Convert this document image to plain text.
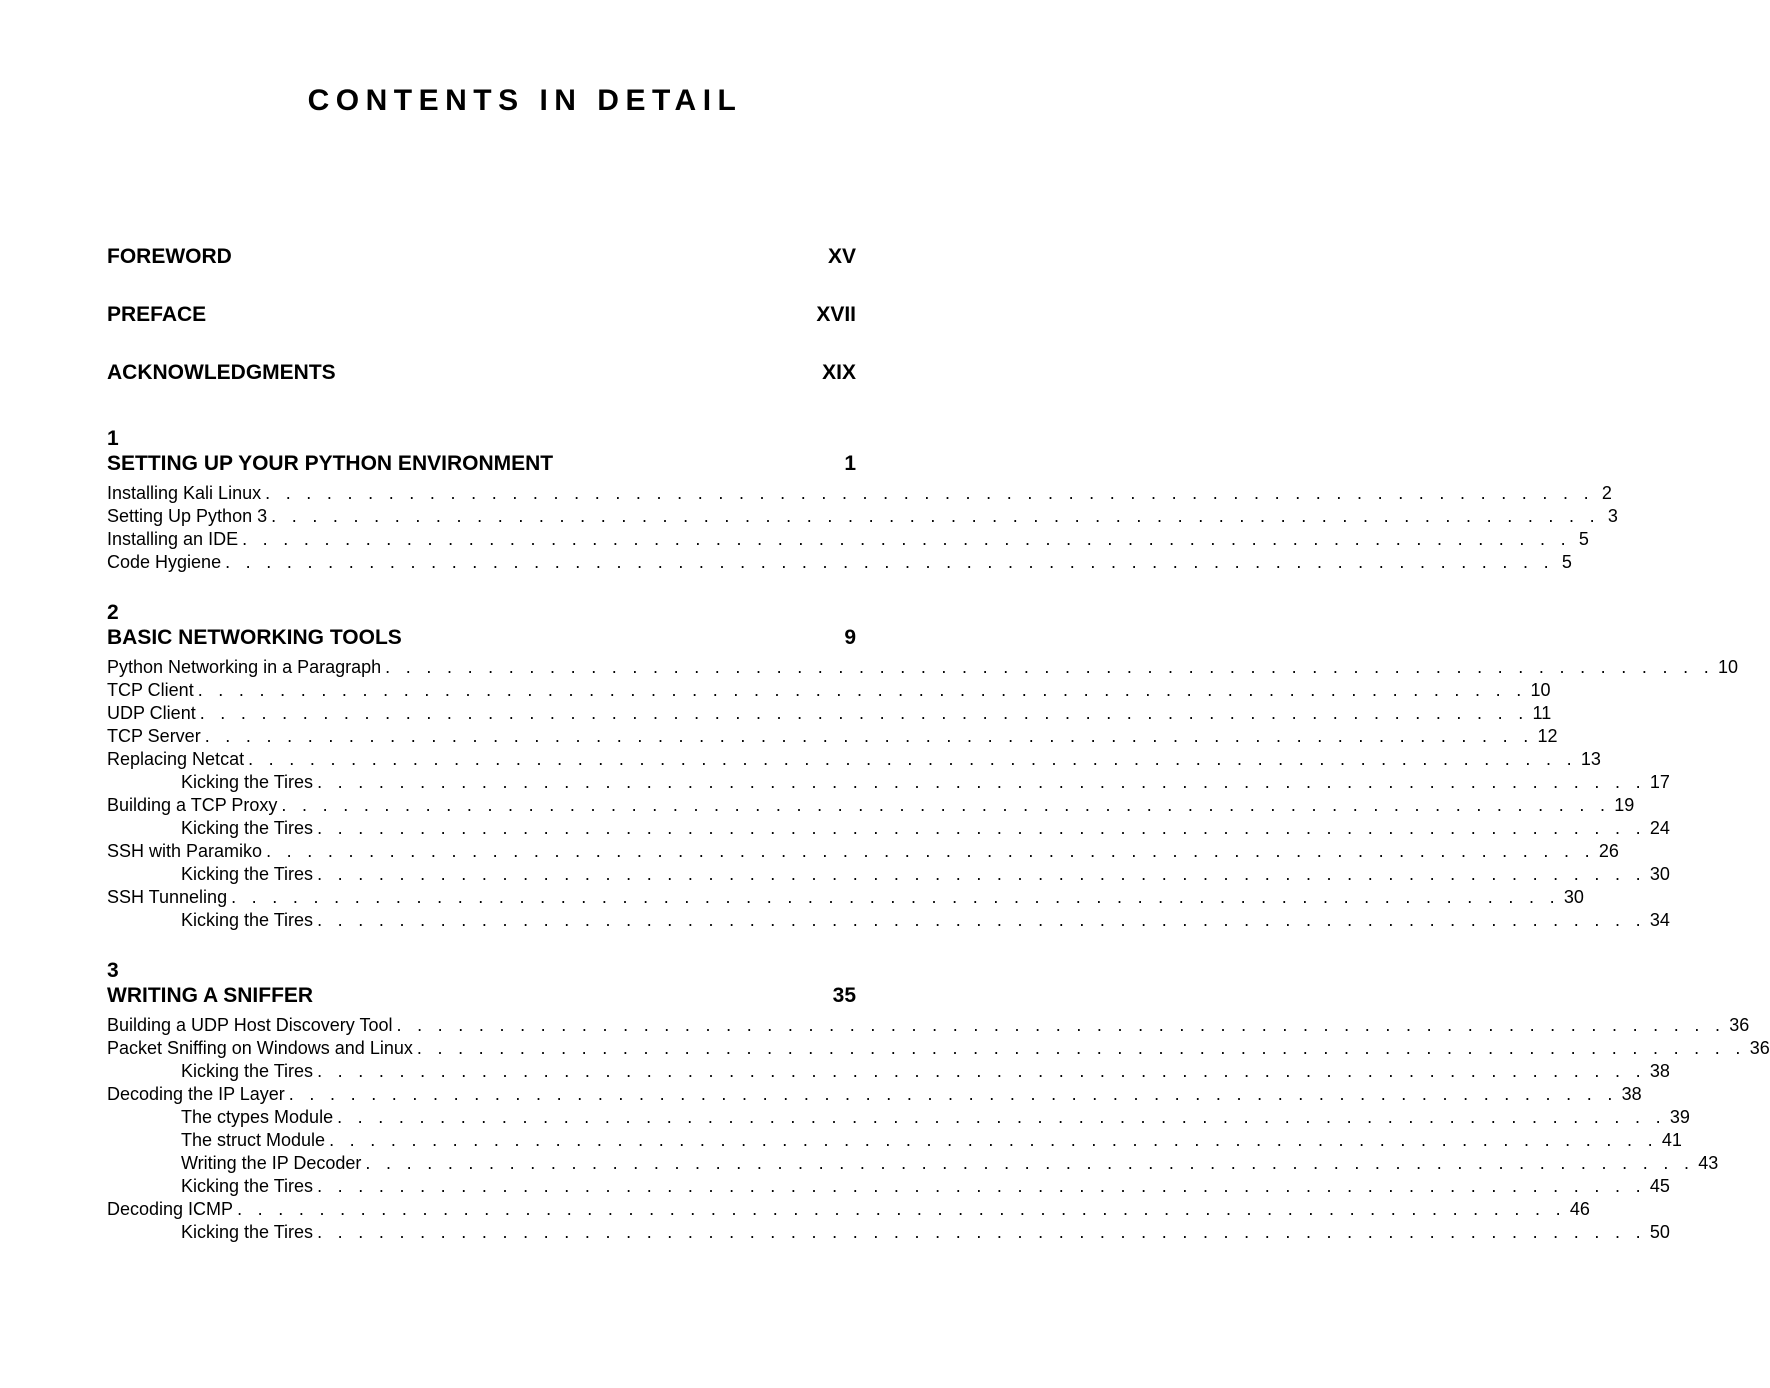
CONTENTS IN DETAIL
FOREWORD	XV
PREFACE	XVII
ACKNOWLEDGMENTS	XIX
1
SETTING UP YOUR PYTHON ENVIRONMENT	1
Installing Kali Linux . . . . . . . . . . . . . . . . . . . . . . . . . . . . . . . . . . . . . . . . . . . . . . . . . . . . . . . . . . . . . . . . . 2
Setting Up Python 3 . . . . . . . . . . . . . . . . . . . . . . . . . . . . . . . . . . . . . . . . . . . . . . . . . . . . . . . . . . . . . . . . . 3
Installing an IDE . . . . . . . . . . . . . . . . . . . . . . . . . . . . . . . . . . . . . . . . . . . . . . . . . . . . . . . . . . . . . . . . . 5
Code Hygiene . . . . . . . . . . . . . . . . . . . . . . . . . . . . . . . . . . . . . . . . . . . . . . . . . . . . . . . . . . . . . . . . . 5
2
BASIC NETWORKING TOOLS	9
Python Networking in a Paragraph . . . . . . . . . . . . . . . . . . . . . . . . . . . . . . . . . . . . . . . . . . . . . . . . . . . . . . . . . . . . . . . . . 10
TCP Client . . . . . . . . . . . . . . . . . . . . . . . . . . . . . . . . . . . . . . . . . . . . . . . . . . . . . . . . . . . . . . . . . 10
UDP Client . . . . . . . . . . . . . . . . . . . . . . . . . . . . . . . . . . . . . . . . . . . . . . . . . . . . . . . . . . . . . . . . . 11
TCP Server . . . . . . . . . . . . . . . . . . . . . . . . . . . . . . . . . . . . . . . . . . . . . . . . . . . . . . . . . . . . . . . . . 12
Replacing Netcat . . . . . . . . . . . . . . . . . . . . . . . . . . . . . . . . . . . . . . . . . . . . . . . . . . . . . . . . . . . . . . . . . 13
Kicking the Tires . . . . . . . . . . . . . . . . . . . . . . . . . . . . . . . . . . . . . . . . . . . . . . . . . . . . . . . . . . . . . . . . . 17
Building a TCP Proxy . . . . . . . . . . . . . . . . . . . . . . . . . . . . . . . . . . . . . . . . . . . . . . . . . . . . . . . . . . . . . . . . . 19
Kicking the Tires . . . . . . . . . . . . . . . . . . . . . . . . . . . . . . . . . . . . . . . . . . . . . . . . . . . . . . . . . . . . . . . . . 24
SSH with Paramiko . . . . . . . . . . . . . . . . . . . . . . . . . . . . . . . . . . . . . . . . . . . . . . . . . . . . . . . . . . . . . . . . . 26
Kicking the Tires . . . . . . . . . . . . . . . . . . . . . . . . . . . . . . . . . . . . . . . . . . . . . . . . . . . . . . . . . . . . . . . . . 30
SSH Tunneling . . . . . . . . . . . . . . . . . . . . . . . . . . . . . . . . . . . . . . . . . . . . . . . . . . . . . . . . . . . . . . . . . 30
Kicking the Tires . . . . . . . . . . . . . . . . . . . . . . . . . . . . . . . . . . . . . . . . . . . . . . . . . . . . . . . . . . . . . . . . . 34
3
WRITING A SNIFFER	35
Building a UDP Host Discovery Tool . . . . . . . . . . . . . . . . . . . . . . . . . . . . . . . . . . . . . . . . . . . . . . . . . . . . . . . . . . . . . . . . . 36
Packet Sniffing on Windows and Linux . . . . . . . . . . . . . . . . . . . . . . . . . . . . . . . . . . . . . . . . . . . . . . . . . . . . . . . . . . . . . . . . . 36
Kicking the Tires . . . . . . . . . . . . . . . . . . . . . . . . . . . . . . . . . . . . . . . . . . . . . . . . . . . . . . . . . . . . . . . . . 38
Decoding the IP Layer . . . . . . . . . . . . . . . . . . . . . . . . . . . . . . . . . . . . . . . . . . . . . . . . . . . . . . . . . . . . . . . . . 38
The ctypes Module . . . . . . . . . . . . . . . . . . . . . . . . . . . . . . . . . . . . . . . . . . . . . . . . . . . . . . . . . . . . . . . . . 39
The struct Module . . . . . . . . . . . . . . . . . . . . . . . . . . . . . . . . . . . . . . . . . . . . . . . . . . . . . . . . . . . . . . . . . 41
Writing the IP Decoder . . . . . . . . . . . . . . . . . . . . . . . . . . . . . . . . . . . . . . . . . . . . . . . . . . . . . . . . . . . . . . . . . 43
Kicking the Tires . . . . . . . . . . . . . . . . . . . . . . . . . . . . . . . . . . . . . . . . . . . . . . . . . . . . . . . . . . . . . . . . . 45
Decoding ICMP . . . . . . . . . . . . . . . . . . . . . . . . . . . . . . . . . . . . . . . . . . . . . . . . . . . . . . . . . . . . . . . . . 46
Kicking the Tires . . . . . . . . . . . . . . . . . . . . . . . . . . . . . . . . . . . . . . . . . . . . . . . . . . . . . . . . . . . . . . . . . 50
